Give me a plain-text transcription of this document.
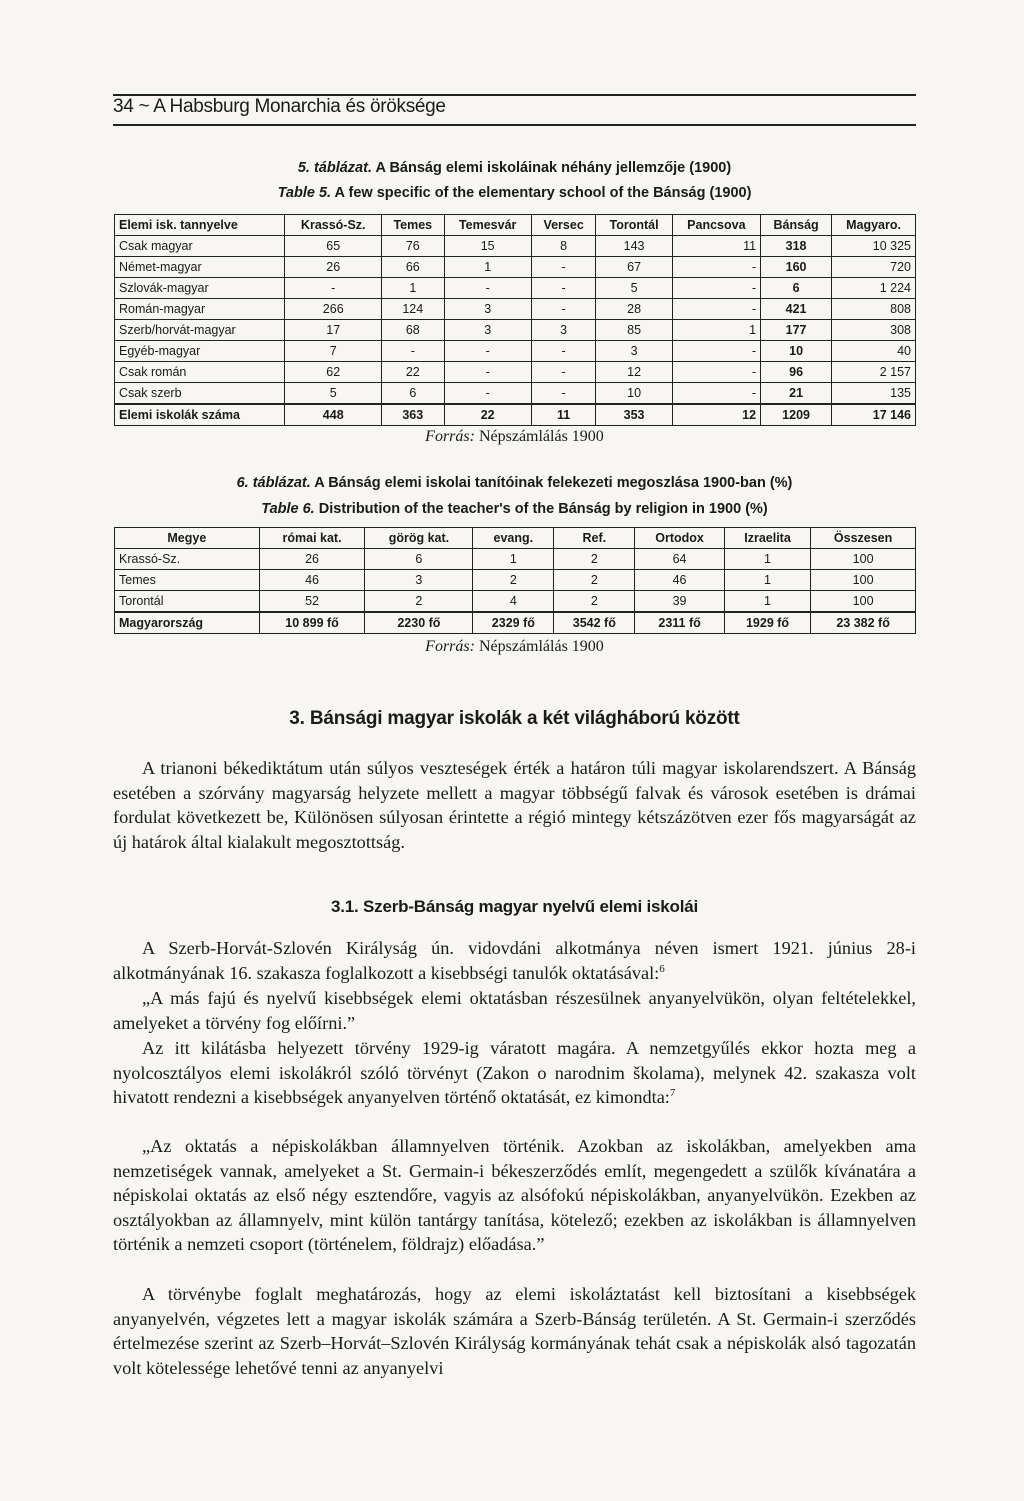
34 ~ A Habsburg Monarchia és öröksége
5. táblázat. A Bánság elemi iskoláinak néhány jellemzője (1900)
Table 5. A few specific of the elementary school of the Bánság (1900)
Elemi isk. tannyelve	Krassó-Sz.	Temes	Temesvár	Versec	Torontál	Pancsova	Bánság	Magyaro.
Csak magyar	65	76	15	8	143	11	318	10 325
Német-magyar	26	66	1	-	67	-	160	720
Szlovák-magyar	-	1	-	-	5	-	6	1 224
Román-magyar	266	124	3	-	28	-	421	808
Szerb/horvát-magyar	17	68	3	3	85	1	177	308
Egyéb-magyar	7	-	-	-	3	-	10	40
Csak román	62	22	-	-	12	-	96	2 157
Csak szerb	5	6	-	-	10	-	21	135
Elemi iskolák száma	448	363	22	11	353	12	1209	17 146
Forrás: Népszámlálás 1900
6. táblázat. A Bánság elemi iskolai tanítóinak felekezeti megoszlása 1900-ban (%)
Table 6. Distribution of the teacher's of the Bánság by religion in 1900 (%)
Megye	római kat.	görög kat.	evang.	Ref.	Ortodox	Izraelita	Összesen
Krassó-Sz.	26	6	1	2	64	1	100
Temes	46	3	2	2	46	1	100
Torontál	52	2	4	2	39	1	100
Magyarország	10 899 fő	2230 fő	2329 fő	3542 fő	2311 fő	1929 fő	23 382 fő
Forrás: Népszámlálás 1900
3. Bánsági magyar iskolák a két világháború között
A trianoni békediktátum után súlyos veszteségek érték a határon túli magyar iskolarendszert. A Bánság esetében a szórvány magyarság helyzete mellett a magyar többségű falvak és városok esetében is drámai fordulat következett be, Különösen súlyosan érintette a régió mintegy kétszázötven ezer fős magyarságát az új határok által kialakult megosztottság.
3.1. Szerb-Bánság magyar nyelvű elemi iskolái
A Szerb-Horvát-Szlovén Királyság ún. vidovdáni alkotmánya néven ismert 1921. június 28-i alkotmányának 16. szakasza foglalkozott a kisebbségi tanulók oktatásával:$^6$
„A más fajú és nyelvű kisebbségek elemi oktatásban részesülnek anyanyelvükön, olyan feltételekkel, amelyeket a törvény fog előírni.”
Az itt kilátásba helyezett törvény 1929-ig váratott magára. A nemzetgyűlés ekkor hozta meg a nyolcosztályos elemi iskolákról szóló törvényt (Zakon o narodnim školama), melynek 42. szakasza volt hivatott rendezni a kisebbségek anyanyelven történő oktatását, ez kimondta:$^7$
„Az oktatás a népiskolákban államnyelven történik. Azokban az iskolákban, amelyekben ama nemzetiségek vannak, amelyeket a St. Germain-i békeszerződés említ, megengedett a szülők kívánatára a népiskolai oktatás az első négy esztendőre, vagyis az alsófokú népiskolákban, anyanyelvükön. Ezekben az osztályokban az államnyelv, mint külön tantárgy tanítása, kötelező; ezekben az iskolákban is államnyelven történik a nemzeti csoport (történelem, földrajz) előadása.”
A törvénybe foglalt meghatározás, hogy az elemi iskoláztatást kell biztosítani a kisebbségek anyanyelvén, végzetes lett a magyar iskolák számára a Szerb-Bánság területén. A St. Germain-i szerződés értelmezése szerint az Szerb–Horvát–Szlovén Királyság kormányának tehát csak a népiskolák alsó tagozatán volt kötelessége lehetővé tenni az anyanyelvi
